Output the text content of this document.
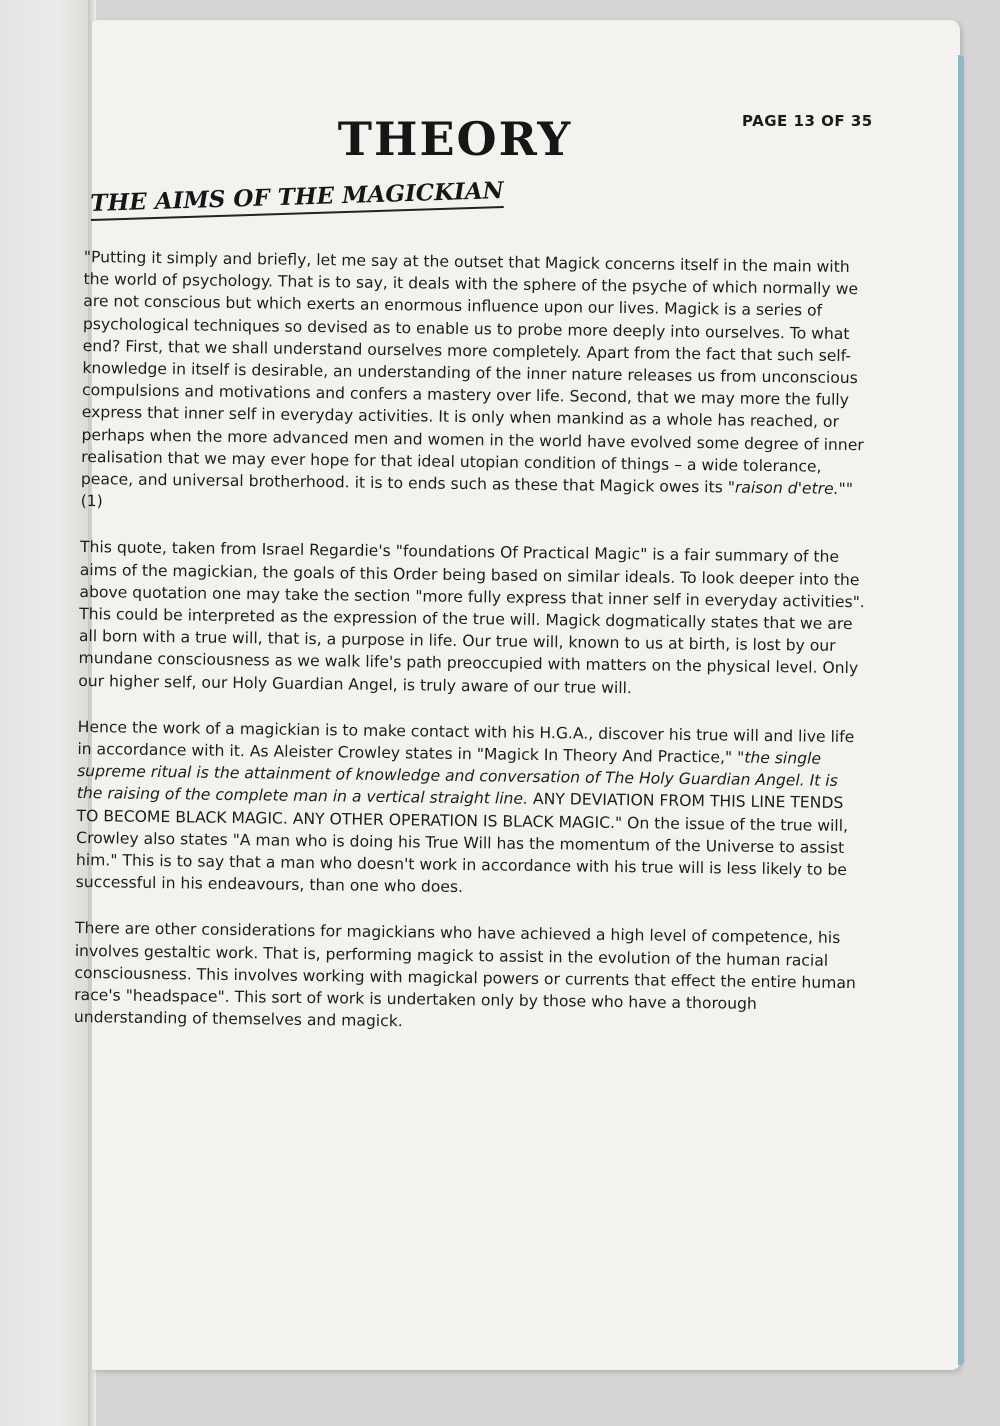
THEORY	PAGE 13 OF 35
THE AIMS OF THE MAGICKIAN

"Putting it simply and briefly, let me say at the outset that Magick concerns itself in the main with the world of psychology. That is to say, it deals with the sphere of the psyche of which normally we are not conscious but which exerts an enormous influence upon our lives. Magick is a series of psychological techniques so devised as to enable us to probe more deeply into ourselves. To what end? First, that we shall understand ourselves more completely. Apart from the fact that such self-knowledge in itself is desirable, an understanding of the inner nature releases us from unconscious compulsions and motivations and confers a mastery over life. Second, that we may more the fully express that inner self in everyday activities. It is only when mankind as a whole has reached, or perhaps when the more advanced men and women in the world have evolved some degree of inner realisation that we may ever hope for that ideal utopian condition of things – a wide tolerance, peace, and universal brotherhood. it is to ends such as these that Magick owes its "raison d'etre.""(1)

This quote, taken from Israel Regardie's "foundations Of Practical Magic" is a fair summary of the aims of the magickian, the goals of this Order being based on similar ideals. To look deeper into the above quotation one may take the section "more fully express that inner self in everyday activities". This could be interpreted as the expression of the true will. Magick dogmatically states that we are all born with a true will, that is, a purpose in life. Our true will, known to us at birth, is lost by our mundane consciousness as we walk life's path preoccupied with matters on the physical level. Only our higher self, our Holy Guardian Angel, is truly aware of our true will.

Hence the work of a magickian is to make contact with his H.G.A., discover his true will and live life in accordance with it. As Aleister Crowley states in "Magick In Theory And Practice," "the single supreme ritual is the attainment of knowledge and conversation of The Holy Guardian Angel. It is the raising of the complete man in a vertical straight line. ANY DEVIATION FROM THIS LINE TENDS TO BECOME BLACK MAGIC. ANY OTHER OPERATION IS BLACK MAGIC." On the issue of the true will, Crowley also states "A man who is doing his True Will has the momentum of the Universe to assist him." This is to say that a man who doesn't work in accordance with his true will is less likely to be successful in his endeavours, than one who does.

There are other considerations for magickians who have achieved a high level of competence, his involves gestaltic work. That is, performing magick to assist in the evolution of the human racial consciousness. This involves working with magickal powers or currents that effect the entire human race's "headspace". This sort of work is undertaken only by those who have a thorough understanding of themselves and magick.
